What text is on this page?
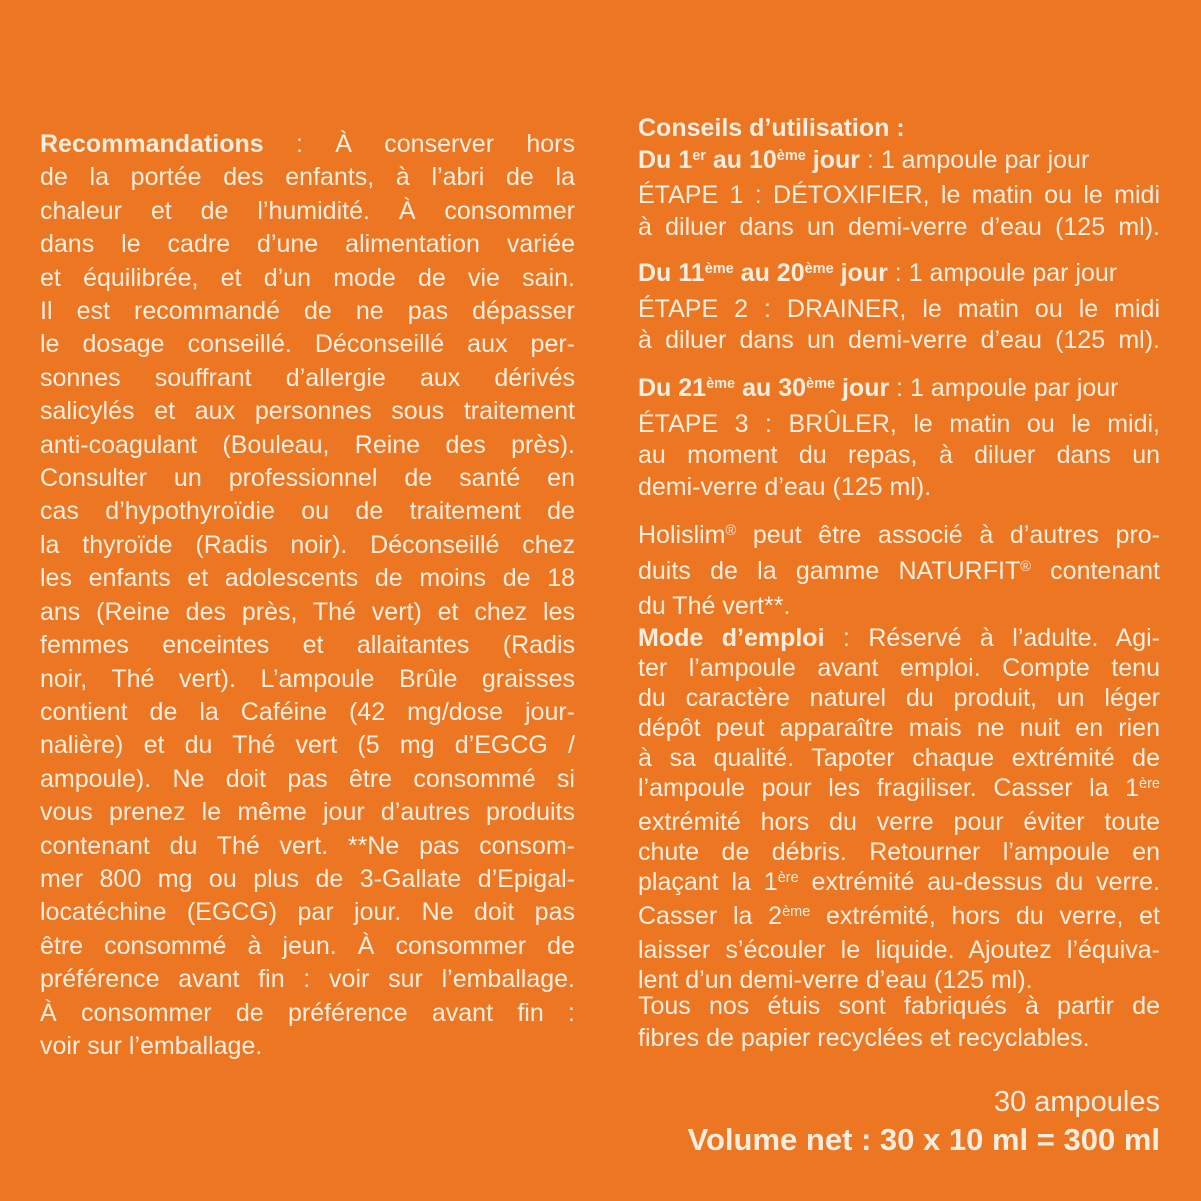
Recommandations : À conserver hors
de la portée des enfants, à l’abri de la
chaleur et de l’humidité. À consommer
dans le cadre d’une alimentation variée
et équilibrée, et d’un mode de vie sain.
Il est recommandé de ne pas dépasser
le dosage conseillé. Déconseillé aux per-
sonnes souffrant d’allergie aux dérivés
salicylés et aux personnes sous traitement
anti-coagulant (Bouleau, Reine des près).
Consulter un professionnel de santé en
cas d’hypothyroïdie ou de traitement de
la thyroïde (Radis noir). Déconseillé chez
les enfants et adolescents de moins de 18
ans (Reine des près, Thé vert) et chez les
femmes enceintes et allaitantes (Radis
noir, Thé vert). L’ampoule Brûle graisses
contient de la Caféine (42 mg/dose jour-
nalière) et du Thé vert (5 mg d’EGCG /
ampoule). Ne doit pas être consommé si
vous prenez le même jour d’autres produits
contenant du Thé vert. **Ne pas consom-
mer 800 mg ou plus de 3-Gallate d’Epigal-
locatéchine (EGCG) par jour. Ne doit pas
être consommé à jeun. À consommer de
préférence avant fin : voir sur l’emballage.
À consommer de préférence avant fin :
voir sur l’emballage.
Conseils d’utilisation :
Du 1er au 10ème jour : 1 ampoule par jour
ÉTAPE 1 : DÉTOXIFIER, le matin ou le midi
à diluer dans un demi-verre d’eau (125 ml).
Du 11ème au 20ème jour : 1 ampoule par jour
ÉTAPE 2 : DRAINER, le matin ou le midi
à diluer dans un demi-verre d’eau (125 ml).
Du 21ème au 30ème jour : 1 ampoule par jour
ÉTAPE 3 : BRÛLER, le matin ou le midi,
au moment du repas, à diluer dans un
demi-verre d’eau (125 ml).
Holislim® peut être associé à d’autres pro-
duits de la gamme NATURFIT® contenant
du Thé vert**.
Mode d’emploi : Réservé à l’adulte. Agi-
ter l’ampoule avant emploi. Compte tenu
du caractère naturel du produit, un léger
dépôt peut apparaître mais ne nuit en rien
à sa qualité. Tapoter chaque extrémité de
l’ampoule pour les fragiliser. Casser la 1ère
extrémité hors du verre pour éviter toute
chute de débris. Retourner l’ampoule en
plaçant la 1ère extrémité au-dessus du verre.
Casser la 2ème extrémité, hors du verre, et
laisser s’écouler le liquide. Ajoutez l’équiva-
lent d’un demi-verre d’eau (125 ml).
Tous nos étuis sont fabriqués à partir de
fibres de papier recyclées et recyclables.
30 ampoules
Volume net : 30 x 10 ml = 300 ml
